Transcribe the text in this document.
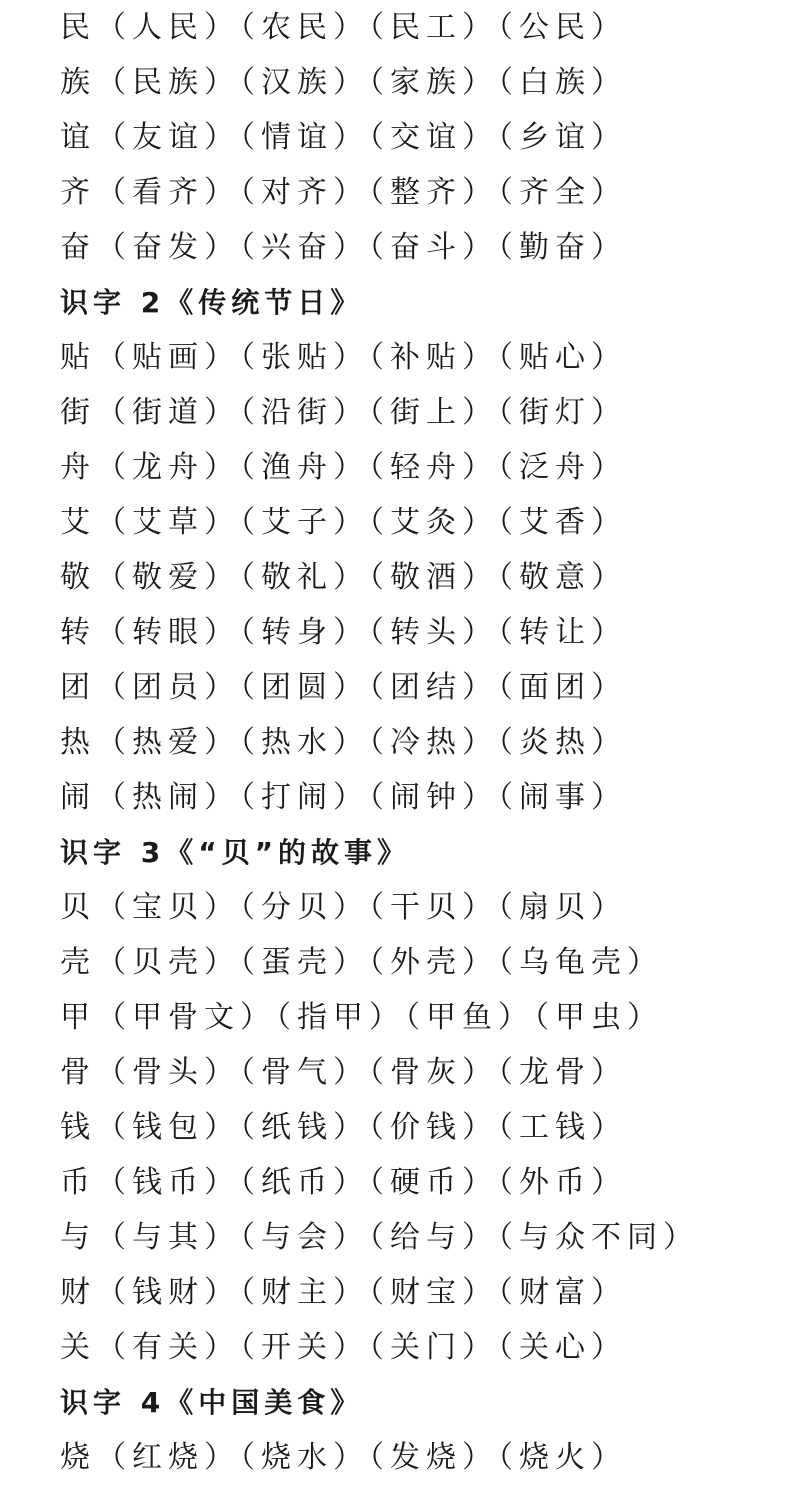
民（人民）（农民）（民工）（公民）
族（民族）（汉族）（家族）（白族）
谊（友谊）（情谊）（交谊）（乡谊）
齐（看齐）（对齐）（整齐）（齐全）
奋（奋发）（兴奋）（奋斗）（勤奋）
识字 2《传统节日》
贴（贴画）（张贴）（补贴）（贴心）
街（街道）（沿街）（街上）（街灯）
舟（龙舟）（渔舟）（轻舟）（泛舟）
艾（艾草）（艾子）（艾灸）（艾香）
敬（敬爱）（敬礼）（敬酒）（敬意）
转（转眼）（转身）（转头）（转让）
团（团员）（团圆）（团结）（面团）
热（热爱）（热水）（冷热）（炎热）
闹（热闹）（打闹）（闹钟）（闹事）
识字 3《“贝”的故事》
贝（宝贝）（分贝）（干贝）（扇贝）
壳（贝壳）（蛋壳）（外壳）（乌龟壳）
甲（甲骨文）（指甲）（甲鱼）（甲虫）
骨（骨头）（骨气）（骨灰）（龙骨）
钱（钱包）（纸钱）（价钱）（工钱）
币（钱币）（纸币）（硬币）（外币）
与（与其）（与会）（给与）（与众不同）
财（钱财）（财主）（财宝）（财富）
关（有关）（开关）（关门）（关心）
识字 4《中国美食》
烧（红烧）（烧水）（发烧）（烧火）
